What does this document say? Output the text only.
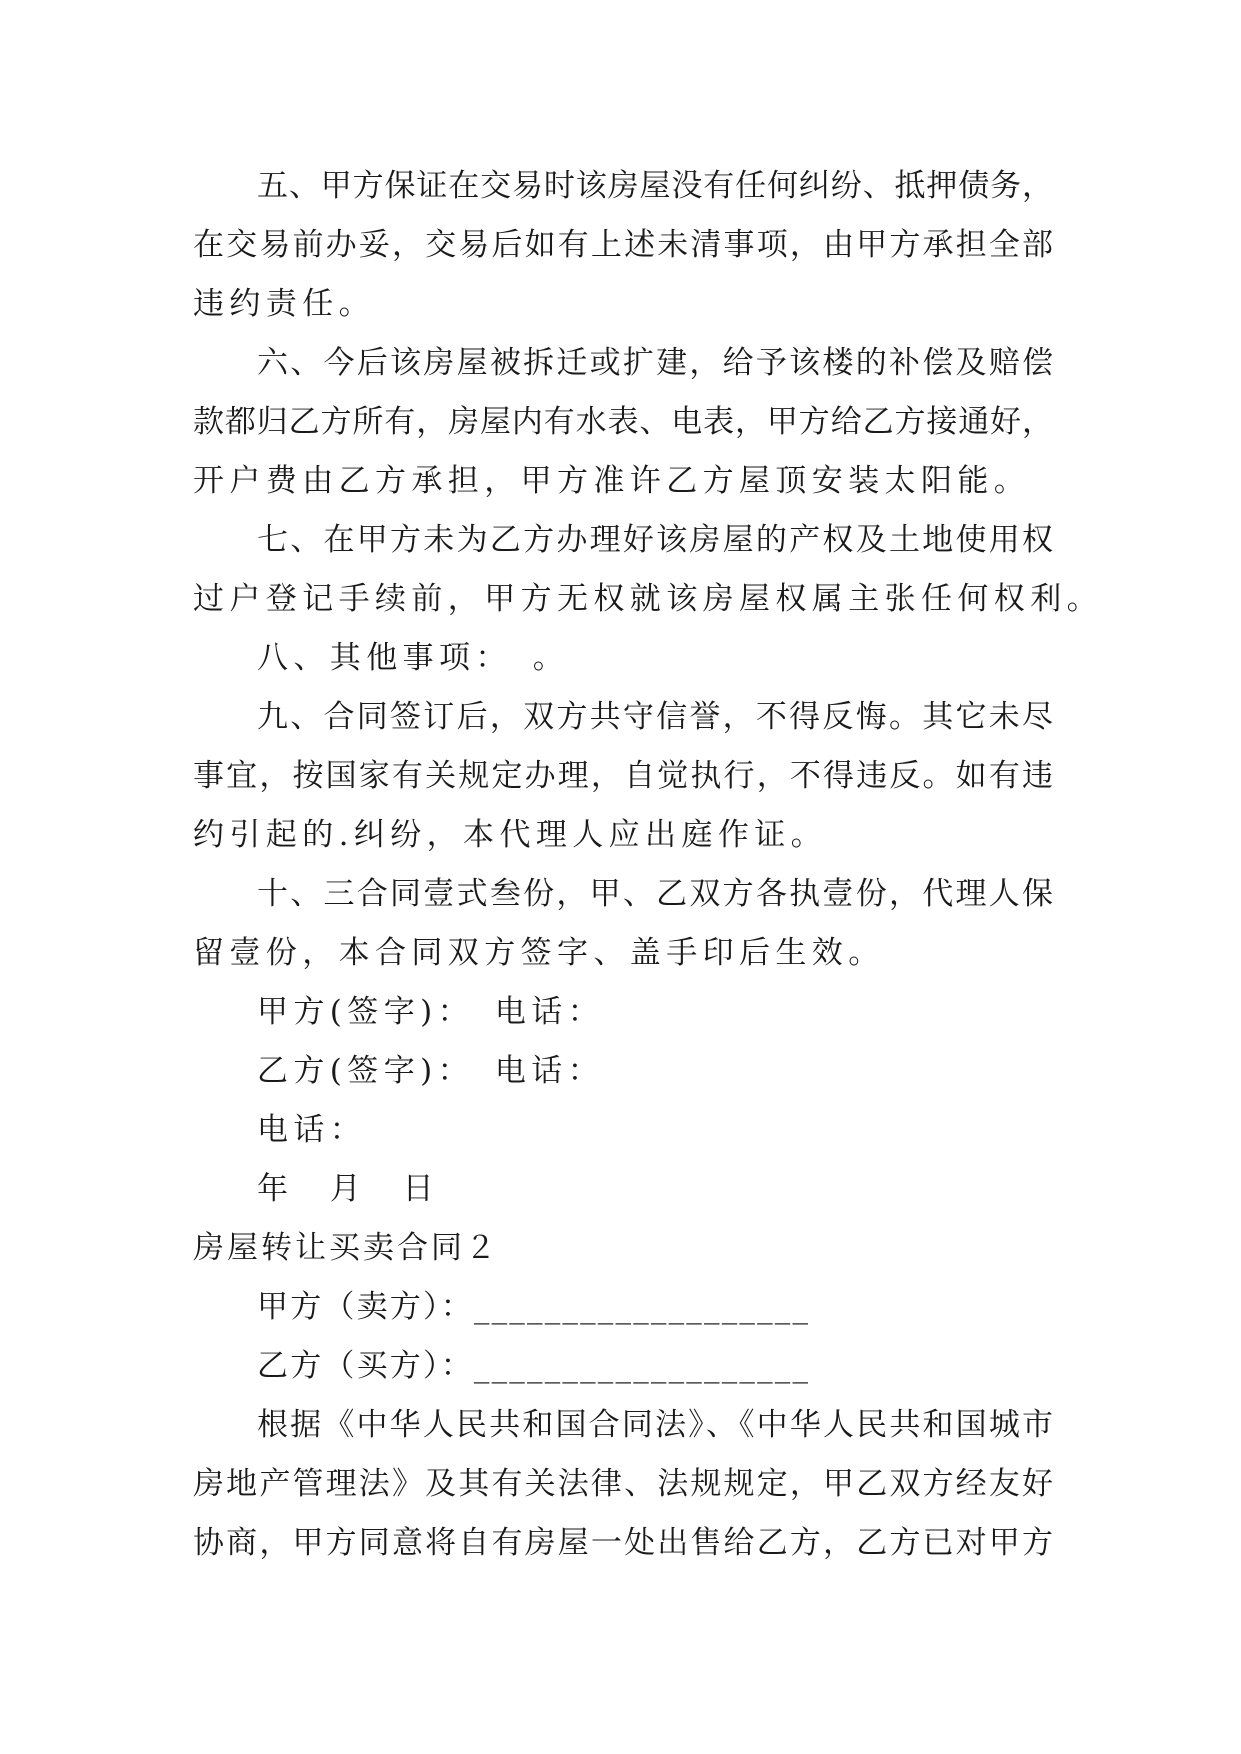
五、甲方保证在交易时该房屋没有任何纠纷、抵押债务，
在交易前办妥，交易后如有上述未清事项，由甲方承担全部
违约责任。
六、今后该房屋被拆迁或扩建，给予该楼的补偿及赔偿
款都归乙方所有，房屋内有水表、电表，甲方给乙方接通好，
开户费由乙方承担，甲方准许乙方屋顶安装太阳能。
七、在甲方未为乙方办理好该房屋的产权及土地使用权
过户登记手续前，甲方无权就该房屋权属主张任何权利。
八、其他事项：　。
九、合同签订后，双方共守信誉，不得反悔。其它未尽
事宜，按国家有关规定办理，自觉执行，不得违反。如有违
约引起的.纠纷，本代理人应出庭作证。
十、三合同壹式叁份，甲、乙双方各执壹份，代理人保
留壹份，本合同双方签字、盖手印后生效。
甲方(签字)：　电话：
乙方(签字)：　电话：
电话：
年　月　日
房屋转让买卖合同２
甲方（卖方）：___________________
乙方（买方）：___________________
根据《中华人民共和国合同法》、《中华人民共和国城市
房地产管理法》及其有关法律、法规规定，甲乙双方经友好
协商，甲方同意将自有房屋一处出售给乙方，乙方已对甲方
